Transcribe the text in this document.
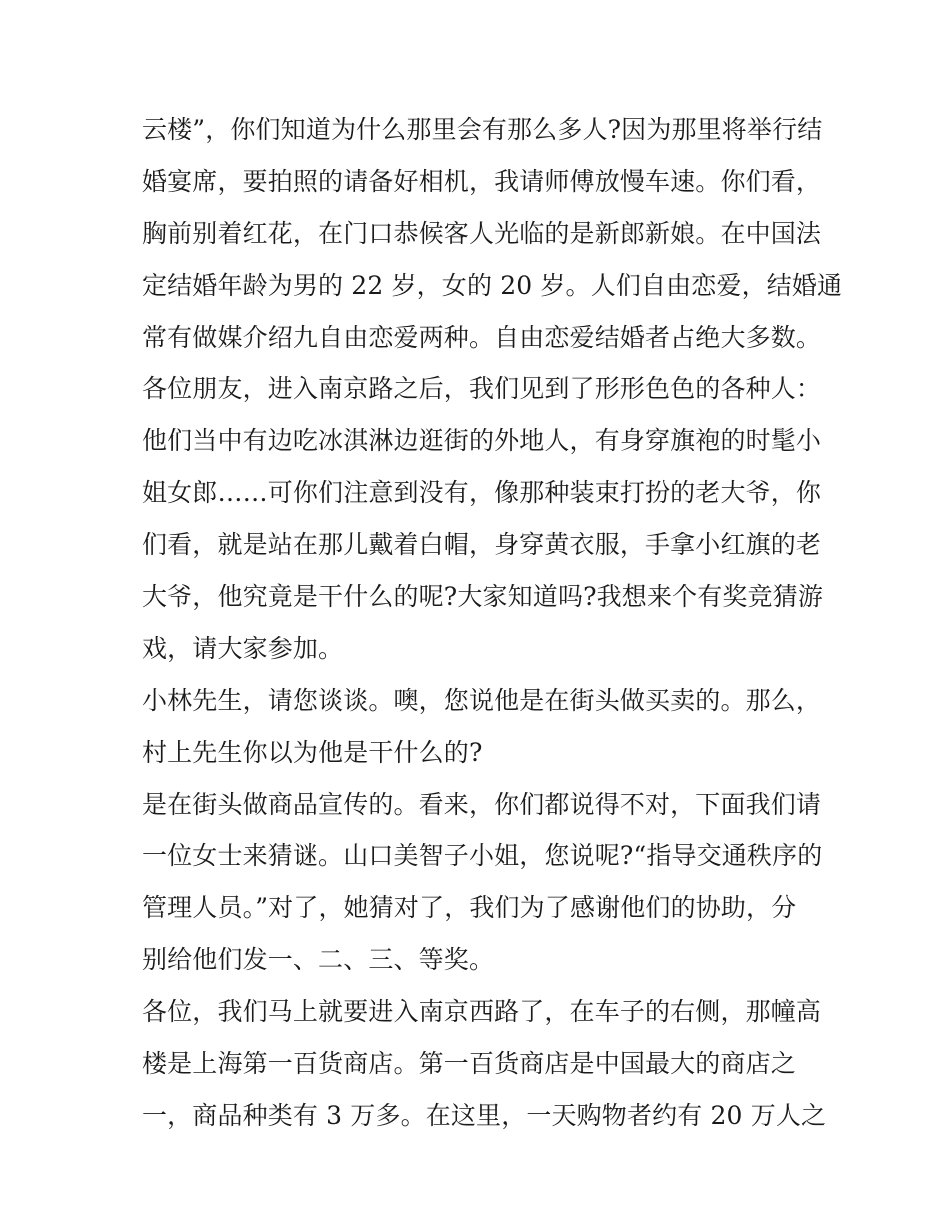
云楼”，你们知道为什么那里会有那么多人?因为那里将举行结
婚宴席，要拍照的请备好相机，我请师傅放慢车速。你们看，
胸前别着红花，在门口恭候客人光临的是新郎新娘。在中国法
定结婚年龄为男的 22 岁，女的 20 岁。人们自由恋爱，结婚通
常有做媒介绍九自由恋爱两种。自由恋爱结婚者占绝大多数。
各位朋友，进入南京路之后，我们见到了形形色色的各种人：
他们当中有边吃冰淇淋边逛街的外地人，有身穿旗袍的时髦小
姐女郎……可你们注意到没有，像那种装束打扮的老大爷，你
们看，就是站在那儿戴着白帽，身穿黄衣服，手拿小红旗的老
大爷，他究竟是干什么的呢?大家知道吗?我想来个有奖竞猜游
戏，请大家参加。
小林先生，请您谈谈。噢，您说他是在街头做买卖的。那么，
村上先生你以为他是干什么的?
是在街头做商品宣传的。看来，你们都说得不对，下面我们请
一位女士来猜谜。山口美智子小姐，您说呢?“指导交通秩序的
管理人员。”对了，她猜对了，我们为了感谢他们的协助，分
别给他们发一、二、三、等奖。
各位，我们马上就要进入南京西路了，在车子的右侧，那幢高
楼是上海第一百货商店。第一百货商店是中国最大的商店之
一，商品种类有 3 万多。在这里，一天购物者约有 20 万人之
